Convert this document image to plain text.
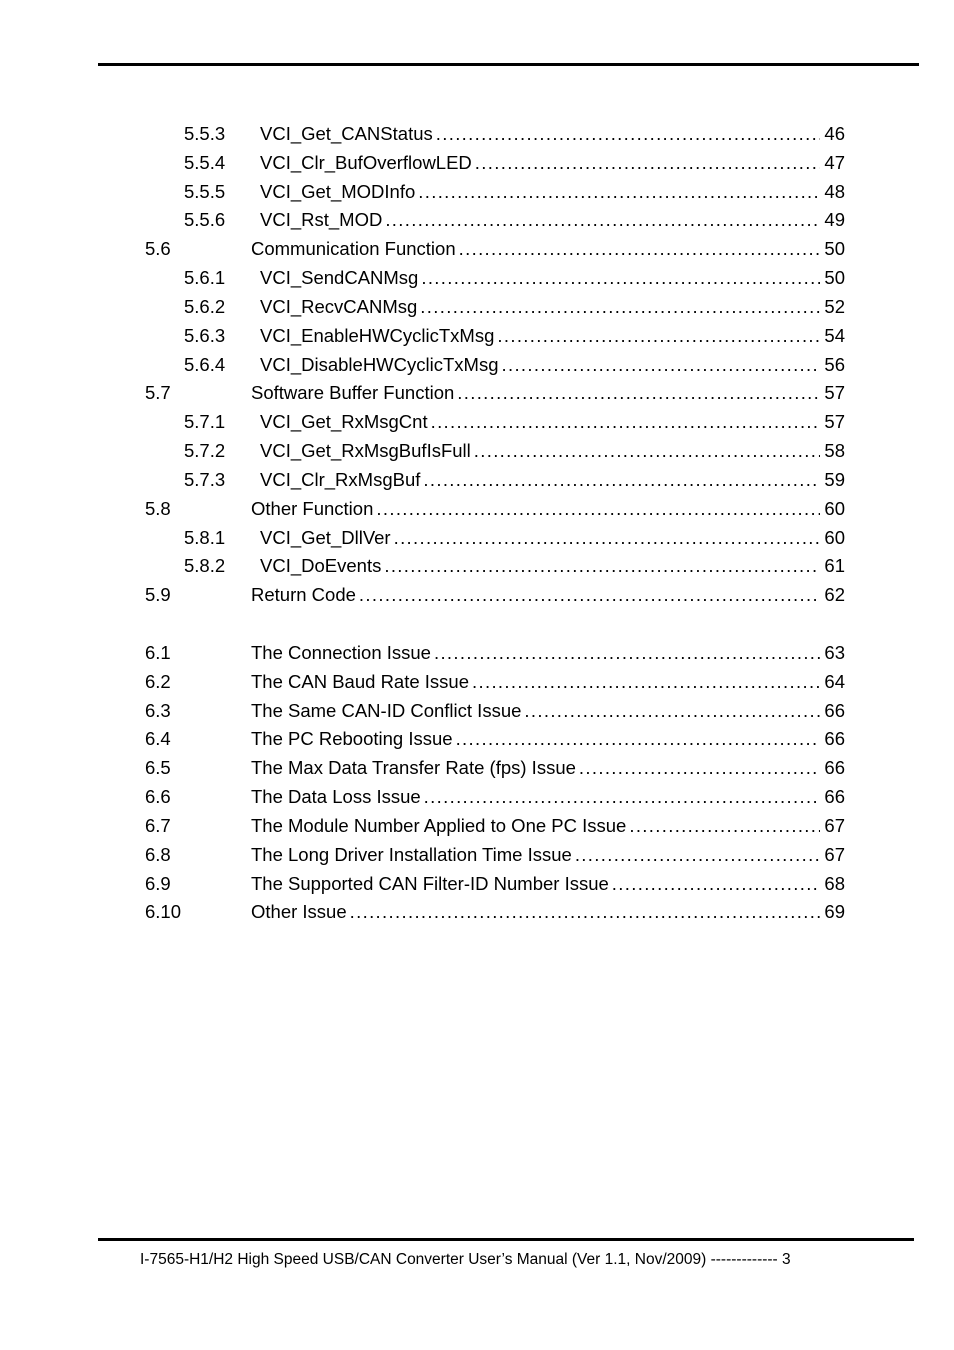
5.5.3 VCI_Get_CANStatus . . .	46
5.5.4 VCI_Clr_BufOverflowLED . . .	47
5.5.5 VCI_Get_MODInfo . . .	48
5.5.6 VCI_Rst_MOD . . .	49
5.6	Communication Function . . .	50
5.6.1 VCI_SendCANMsg . . .	50
5.6.2 VCI_RecvCANMsg . . .	52
5.6.3 VCI_EnableHWCyclicTxMsg . . .	54
5.6.4 VCI_DisableHWCyclicTxMsg . . .	56
5.7	Software Buffer Function . . .	57
5.7.1 VCI_Get_RxMsgCnt . . .	57
5.7.2 VCI_Get_RxMsgBufIsFull . . .	58
5.7.3 VCI_Clr_RxMsgBuf . . .	59
5.8	Other Function . . .	60
5.8.1 VCI_Get_DllVer . . .	60
5.8.2 VCI_DoEvents . . .	61
5.9	Return Code . . .	62
6.1	The Connection Issue . . .	63
6.2	The CAN Baud Rate Issue . . .	64
6.3	The Same CAN-ID Conflict Issue . . .	66
6.4	The PC Rebooting Issue . . .	66
6.5	The Max Data Transfer Rate (fps) Issue . . .	66
6.6	The Data Loss Issue . . .	66
6.7	The Module Number Applied to One PC Issue . . .	67
6.8	The Long Driver Installation Time Issue . . .	67
6.9	The Supported CAN Filter-ID Number Issue . . .	68
6.10	Other Issue . . .	69
I-7565-H1/H2 High Speed USB/CAN Converter User’s Manual (Ver 1.1, Nov/2009) ------------- 3
